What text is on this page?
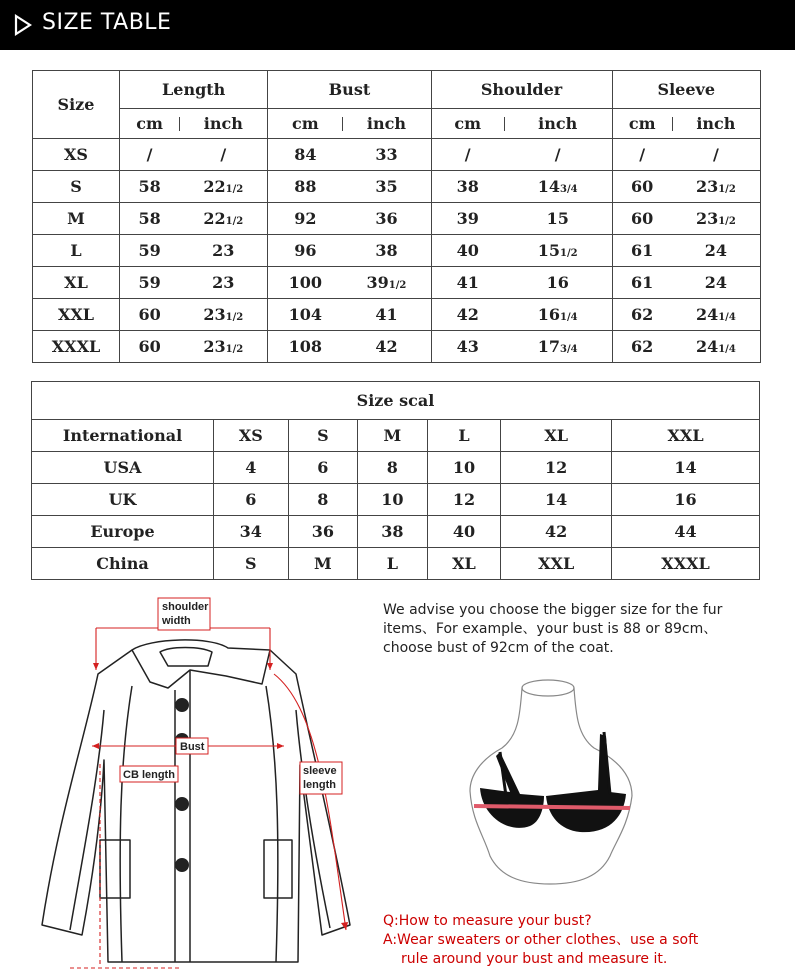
SIZE TABLE
Size	Length		Bust		Shoulder		Sleeve	
	cm	inch	cm	inch	cm	inch	cm	inch
XS	/	/	84	33	/	/	/	/
S	58	221/2	88	35	38	143/4	60	231/2
M	58	221/2	92	36	39	15	60	231/2
L	59	23	96	38	40	151/2	61	24
XL	59	23	100	391/2	41	16	61	24
XXL	60	231/2	104	41	42	161/4	62	241/4
XXXL	60	231/2	108	42	43	173/4	62	241/4
Size scal						
International	XS	S	M	L	XL	XXL
USA	4	6	8	10	12	14
UK	6	8	10	12	14	16
Europe	34	36	38	40	42	44
China	S	M	L	XL	XXL	XXXL
shoulder
width
Bust
CB length	sleeve
length
We advise you choose the bigger size for the fur
items、For example、your bust is 88 or 89cm、
choose bust of 92cm of the coat.
Q:How to measure your bust?
A:Wear sweaters or other clothes、use a soft
rule around your bust and measure it.
